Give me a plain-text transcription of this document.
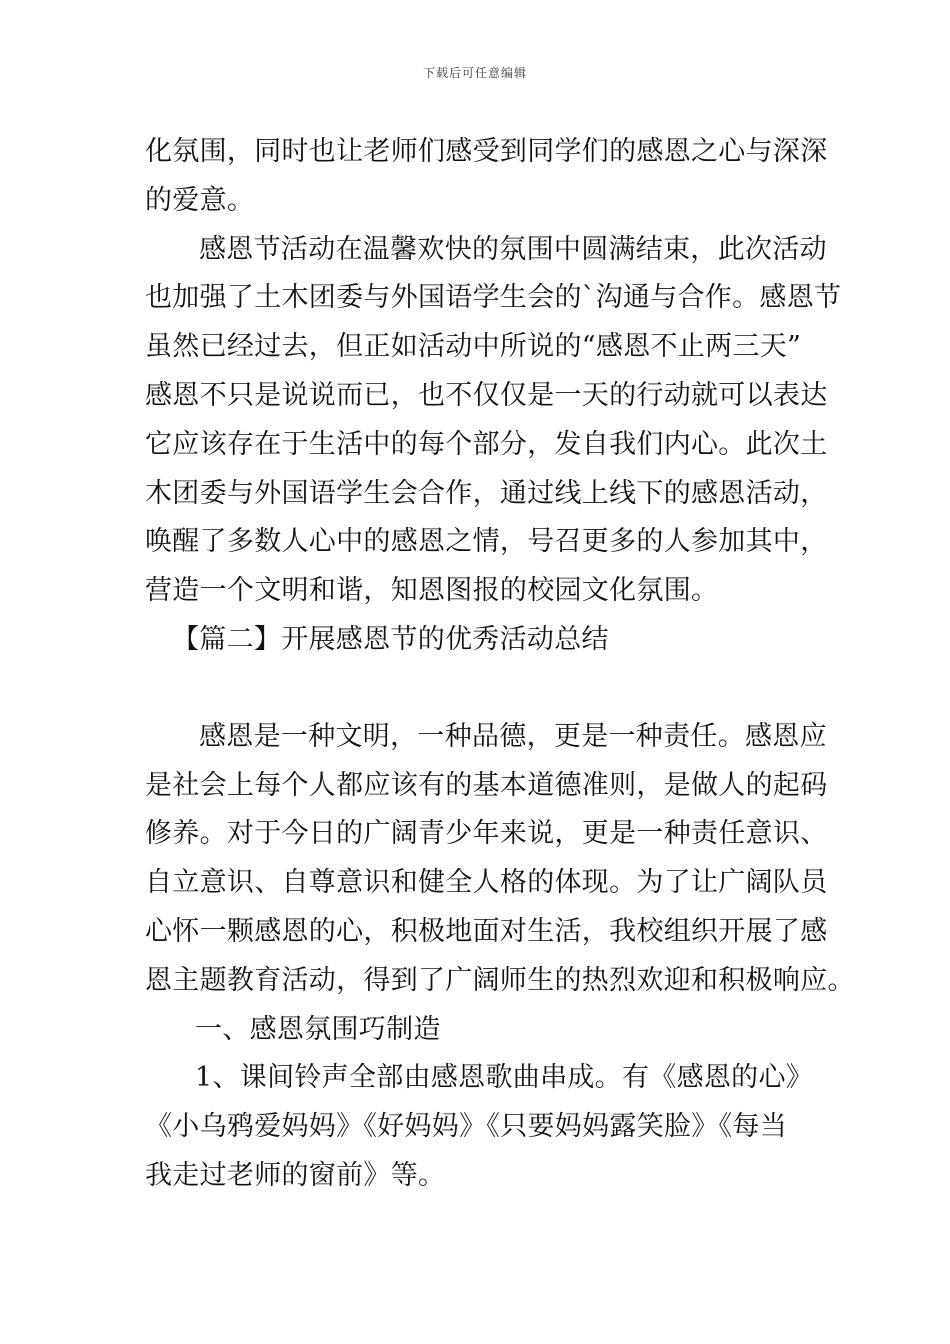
下载后可任意编辑
化氛围，同时也让老师们感受到同学们的感恩之心与深深
的爱意。
感恩节活动在温馨欢快的氛围中圆满结束，此次活动
也加强了土木团委与外国语学生会的`沟通与合作。感恩节
虽然已经过去，但正如活动中所说的“感恩不止两三天”
感恩不只是说说而已，也不仅仅是一天的行动就可以表达
它应该存在于生活中的每个部分，发自我们内心。此次土
木团委与外国语学生会合作，通过线上线下的感恩活动，
唤醒了多数人心中的感恩之情，号召更多的人参加其中，
营造一个文明和谐，知恩图报的校园文化氛围。
【篇二】开展感恩节的优秀活动总结
感恩是一种文明，一种品德，更是一种责任。感恩应
是社会上每个人都应该有的基本道德准则，是做人的起码
修养。对于今日的广阔青少年来说，更是一种责任意识、
自立意识、自尊意识和健全人格的体现。为了让广阔队员
心怀一颗感恩的心，积极地面对生活，我校组织开展了感
恩主题教育活动，得到了广阔师生的热烈欢迎和积极响应。
一、感恩氛围巧制造
1、课间铃声全部由感恩歌曲串成。有《感恩的心》
《小乌鸦爱妈妈》《好妈妈》《只要妈妈露笑脸》《每当
我走过老师的窗前》等。
